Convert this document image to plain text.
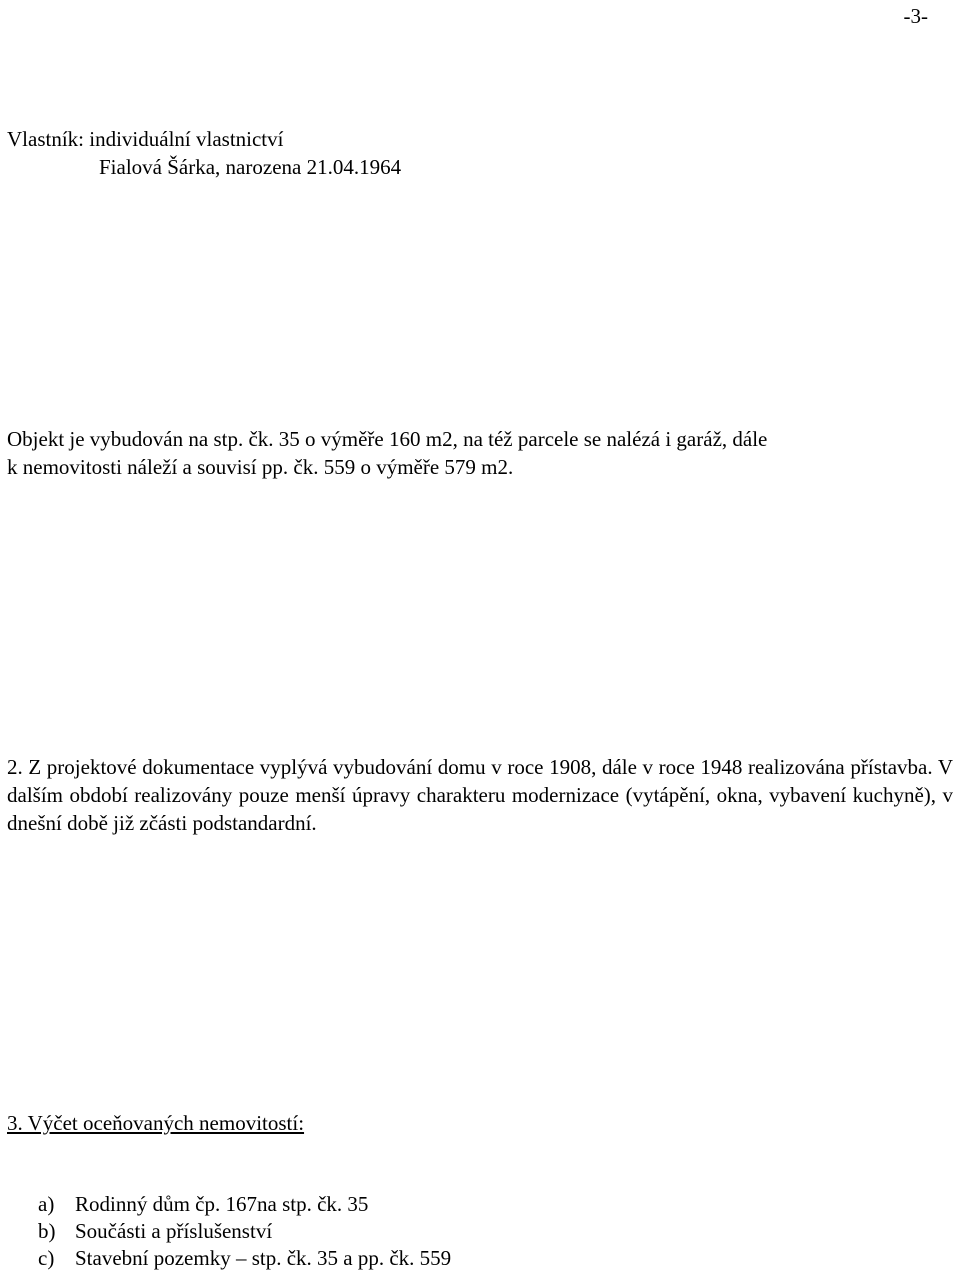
-3-
Vlastník: individuální vlastnictví
Fialová Šárka, narozena 21.04.1964

Objekt je vybudován na stp. čk. 35 o výměře 160 m2, na též parcele se nalézá i garáž, dále

k nemovitosti náleží a souvisí pp. čk. 559 o výměře 579 m2.

2. Z projektové dokumentace vyplývá vybudování domu v roce 1908, dále v roce 1948 realizována přístavba. V dalším období realizovány pouze menší úpravy charakteru modernizace (vytápění, okna, vybavení kuchyně), v dnešní době již zčásti podstandardní.
3. Výčet oceňovaných nemovitostí:
a) Rodinný dům čp. 167na stp. čk. 35
b) Součásti a příslušenství
c) Stavební pozemky – stp. čk. 35 a pp. čk. 559
